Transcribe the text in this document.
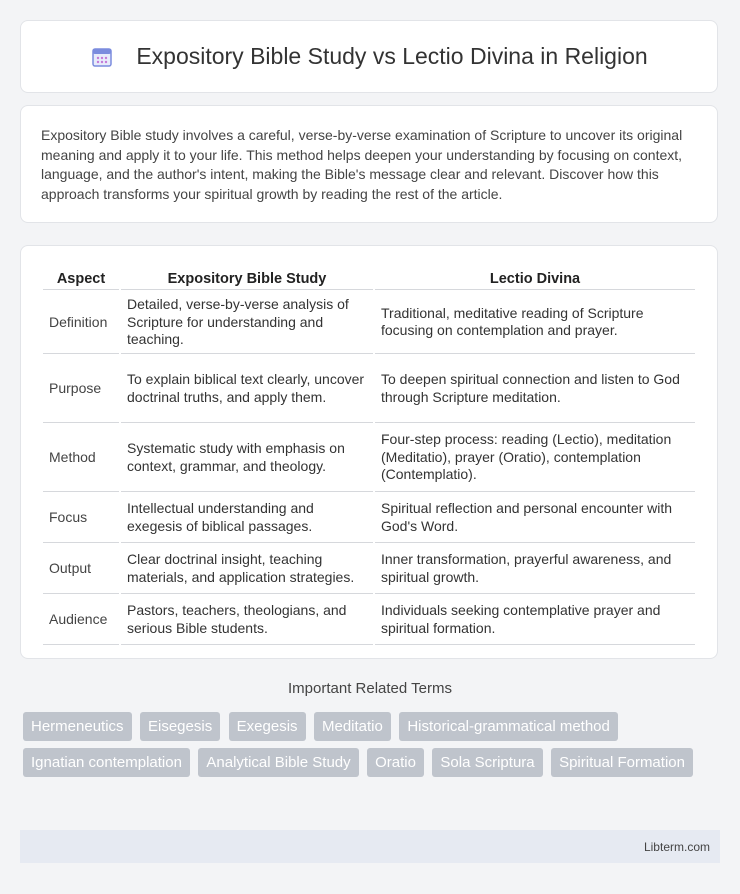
Expository Bible Study vs Lectio Divina in Religion

Expository Bible study involves a careful, verse-by-verse examination of Scripture to uncover its original meaning and apply it to your life. This method helps deepen your understanding by focusing on context, language, and the author's intent, making the Bible's message clear and relevant. Discover how this approach transforms your spiritual growth by reading the rest of the article.

Aspect	Expository Bible Study	Lectio Divina
Definition	Detailed, verse-by-verse analysis of Scripture for understanding and teaching.	Traditional, meditative reading of Scripture focusing on contemplation and prayer.
Purpose	To explain biblical text clearly, uncover doctrinal truths, and apply them.	To deepen spiritual connection and listen to God through Scripture meditation.
Method	Systematic study with emphasis on context, grammar, and theology.	Four-step process: reading (Lectio), meditation (Meditatio), prayer (Oratio), contemplation (Contemplatio).
Focus	Intellectual understanding and exegesis of biblical passages.	Spiritual reflection and personal encounter with God's Word.
Output	Clear doctrinal insight, teaching materials, and application strategies.	Inner transformation, prayerful awareness, and spiritual growth.
Audience	Pastors, teachers, theologians, and serious Bible students.	Individuals seeking contemplative prayer and spiritual formation.
Important Related Terms
Hermeneutics Eisegesis Exegesis Meditatio Historical-grammatical method Ignatian contemplation Analytical Bible Study Oratio Sola Scriptura Spiritual Formation
Libterm.com
